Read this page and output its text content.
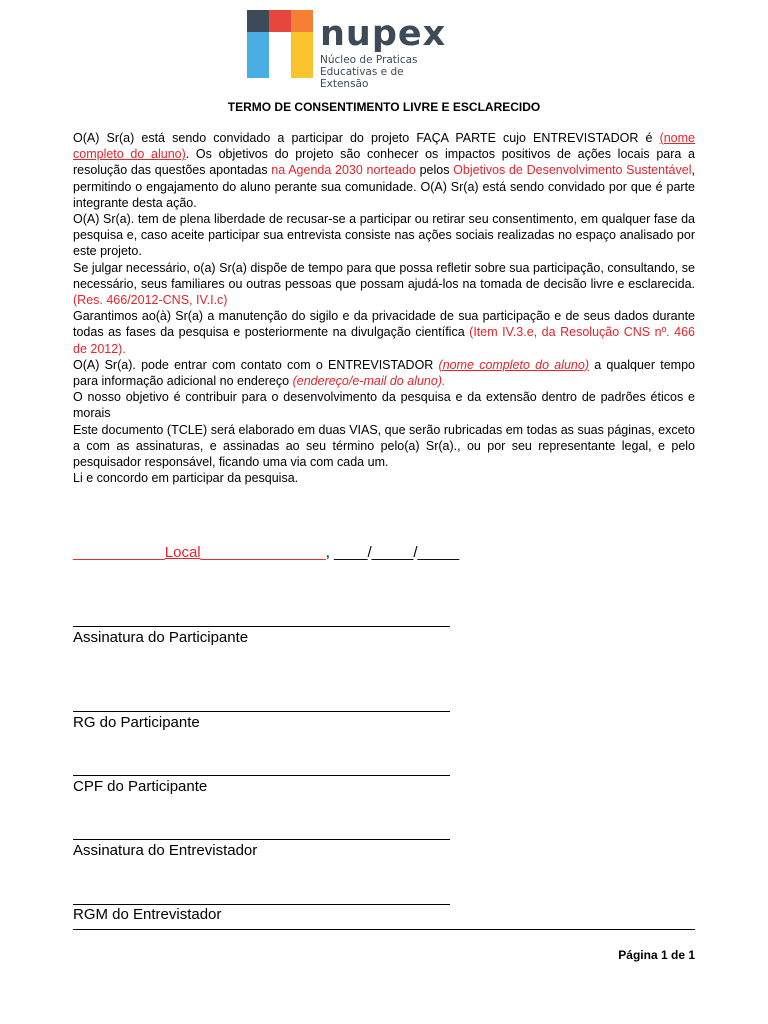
nupex
Núcleo de Praticas
Educativas e de Extensão
TERMO DE CONSENTIMENTO LIVRE E ESCLARECIDO

O(A) Sr(a) está sendo convidado a participar do projeto FAÇA PARTE cujo ENTREVISTADOR é (nome completo do aluno). Os objetivos do projeto são conhecer os impactos positivos de ações locais para a resolução das questões apontadas na Agenda 2030 norteado pelos Objetivos de Desenvolvimento Sustentável, permitindo o engajamento do aluno perante sua comunidade. O(A) Sr(a) está sendo convidado por que é parte integrante desta ação.

O(A) Sr(a). tem de plena liberdade de recusar-se a participar ou retirar seu consentimento, em qualquer fase da pesquisa e, caso aceite participar sua entrevista consiste nas ações sociais realizadas no espaço analisado por este projeto.

Se julgar necessário, o(a) Sr(a) dispõe de tempo para que possa refletir sobre sua participação, consultando, se necessário, seus familiares ou outras pessoas que possam ajudá-los na tomada de decisão livre e esclarecida. (Res. 466/2012-CNS, IV.I.c)

Garantimos ao(à) Sr(a) a manutenção do sigilo e da privacidade de sua participação e de seus dados durante todas as fases da pesquisa e posteriormente na divulgação científica (Item IV.3.e, da Resolução CNS nº. 466 de 2012).

O(A) Sr(a). pode entrar com contato com o ENTREVISTADOR (nome completo do aluno) a qualquer tempo para informação adicional no endereço (endereço/e-mail do aluno).

O nosso objetivo é contribuir para o desenvolvimento da pesquisa e da extensão dentro de padrões éticos e morais

Este documento (TCLE) será elaborado em duas VIAS, que serão rubricadas em todas as suas páginas, exceto a com as assinaturas, e assinadas ao seu término pelo(a) Sr(a)., ou por seu representante legal, e pelo pesquisador responsável, ficando uma via com cada um.

Li e concordo em participar da pesquisa.

___________Local_______________, ____/_____/_____
Assinatura do Participante
RG do Participante
CPF do Participante
Assinatura do Entrevistador
RGM do Entrevistador
Página 1 de 1
